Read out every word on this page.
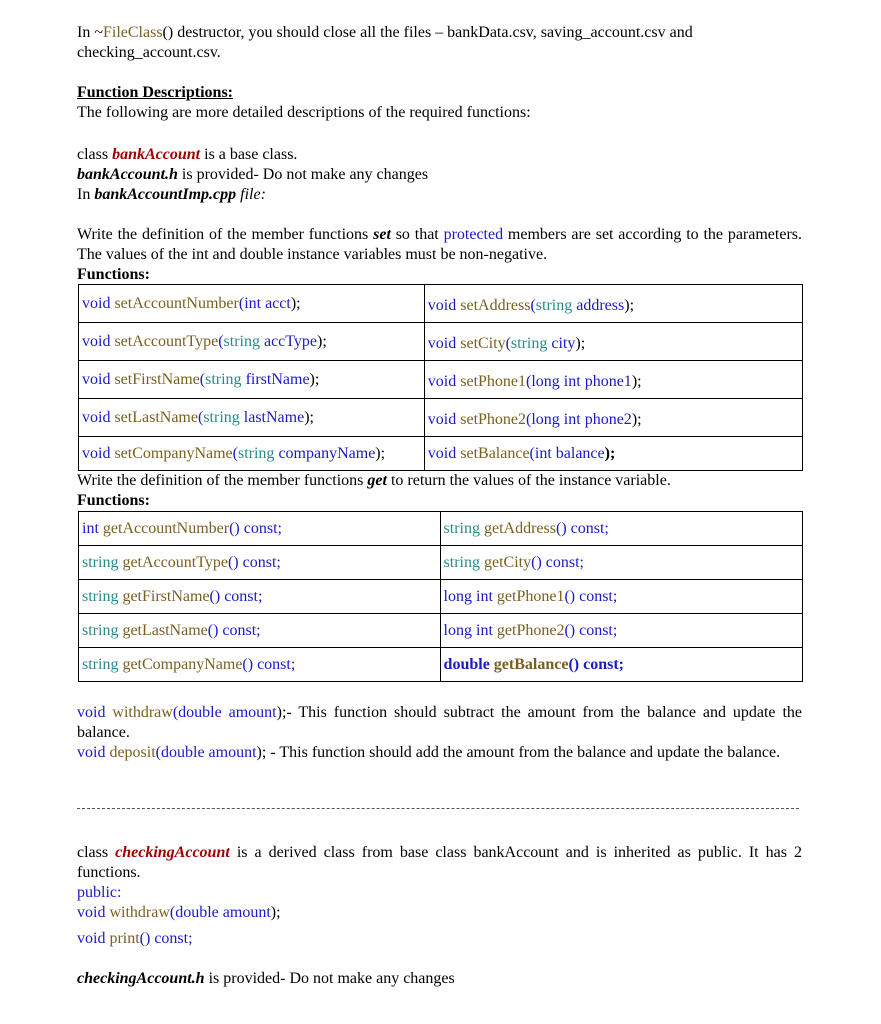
In ~FileClass() destructor, you should close all the files – bankData.csv, saving_account.csv and
checking_account.csv.
Function Descriptions:
The following are more detailed descriptions of the required functions:
class bankAccount is a base class.
bankAccount.h is provided- Do not make any changes
In bankAccountImp.cpp file:
Write the definition of the member functions set so that protected members are set according to the parameters. The values of the int and double instance variables must be non-negative.
Functions:
void setAccountNumber(int acct);	void setAddress(string address);
void setAccountType(string accType);	void setCity(string city);
void setFirstName(string firstName);	void setPhone1(long int phone1);
void setLastName(string lastName);	void setPhone2(long int phone2);
void setCompanyName(string companyName);	void setBalance(int balance);
Write the definition of the member functions get to return the values of the instance variable.
Functions:
int getAccountNumber() const;	string getAddress() const;
string getAccountType() const;	string getCity() const;
string getFirstName() const;	long int getPhone1() const;
string getLastName() const;	long int getPhone2() const;
string getCompanyName() const;	double getBalance() const;
void withdraw(double amount);- This function should subtract the amount from the balance and update the balance.
void deposit(double amount); - This function should add the amount from the balance and update the balance.
class checkingAccount is a derived class from base class bankAccount and is inherited as public. It has 2 functions.
public:
void withdraw(double amount);
void print() const;
checkingAccount.h is provided- Do not make any changes
